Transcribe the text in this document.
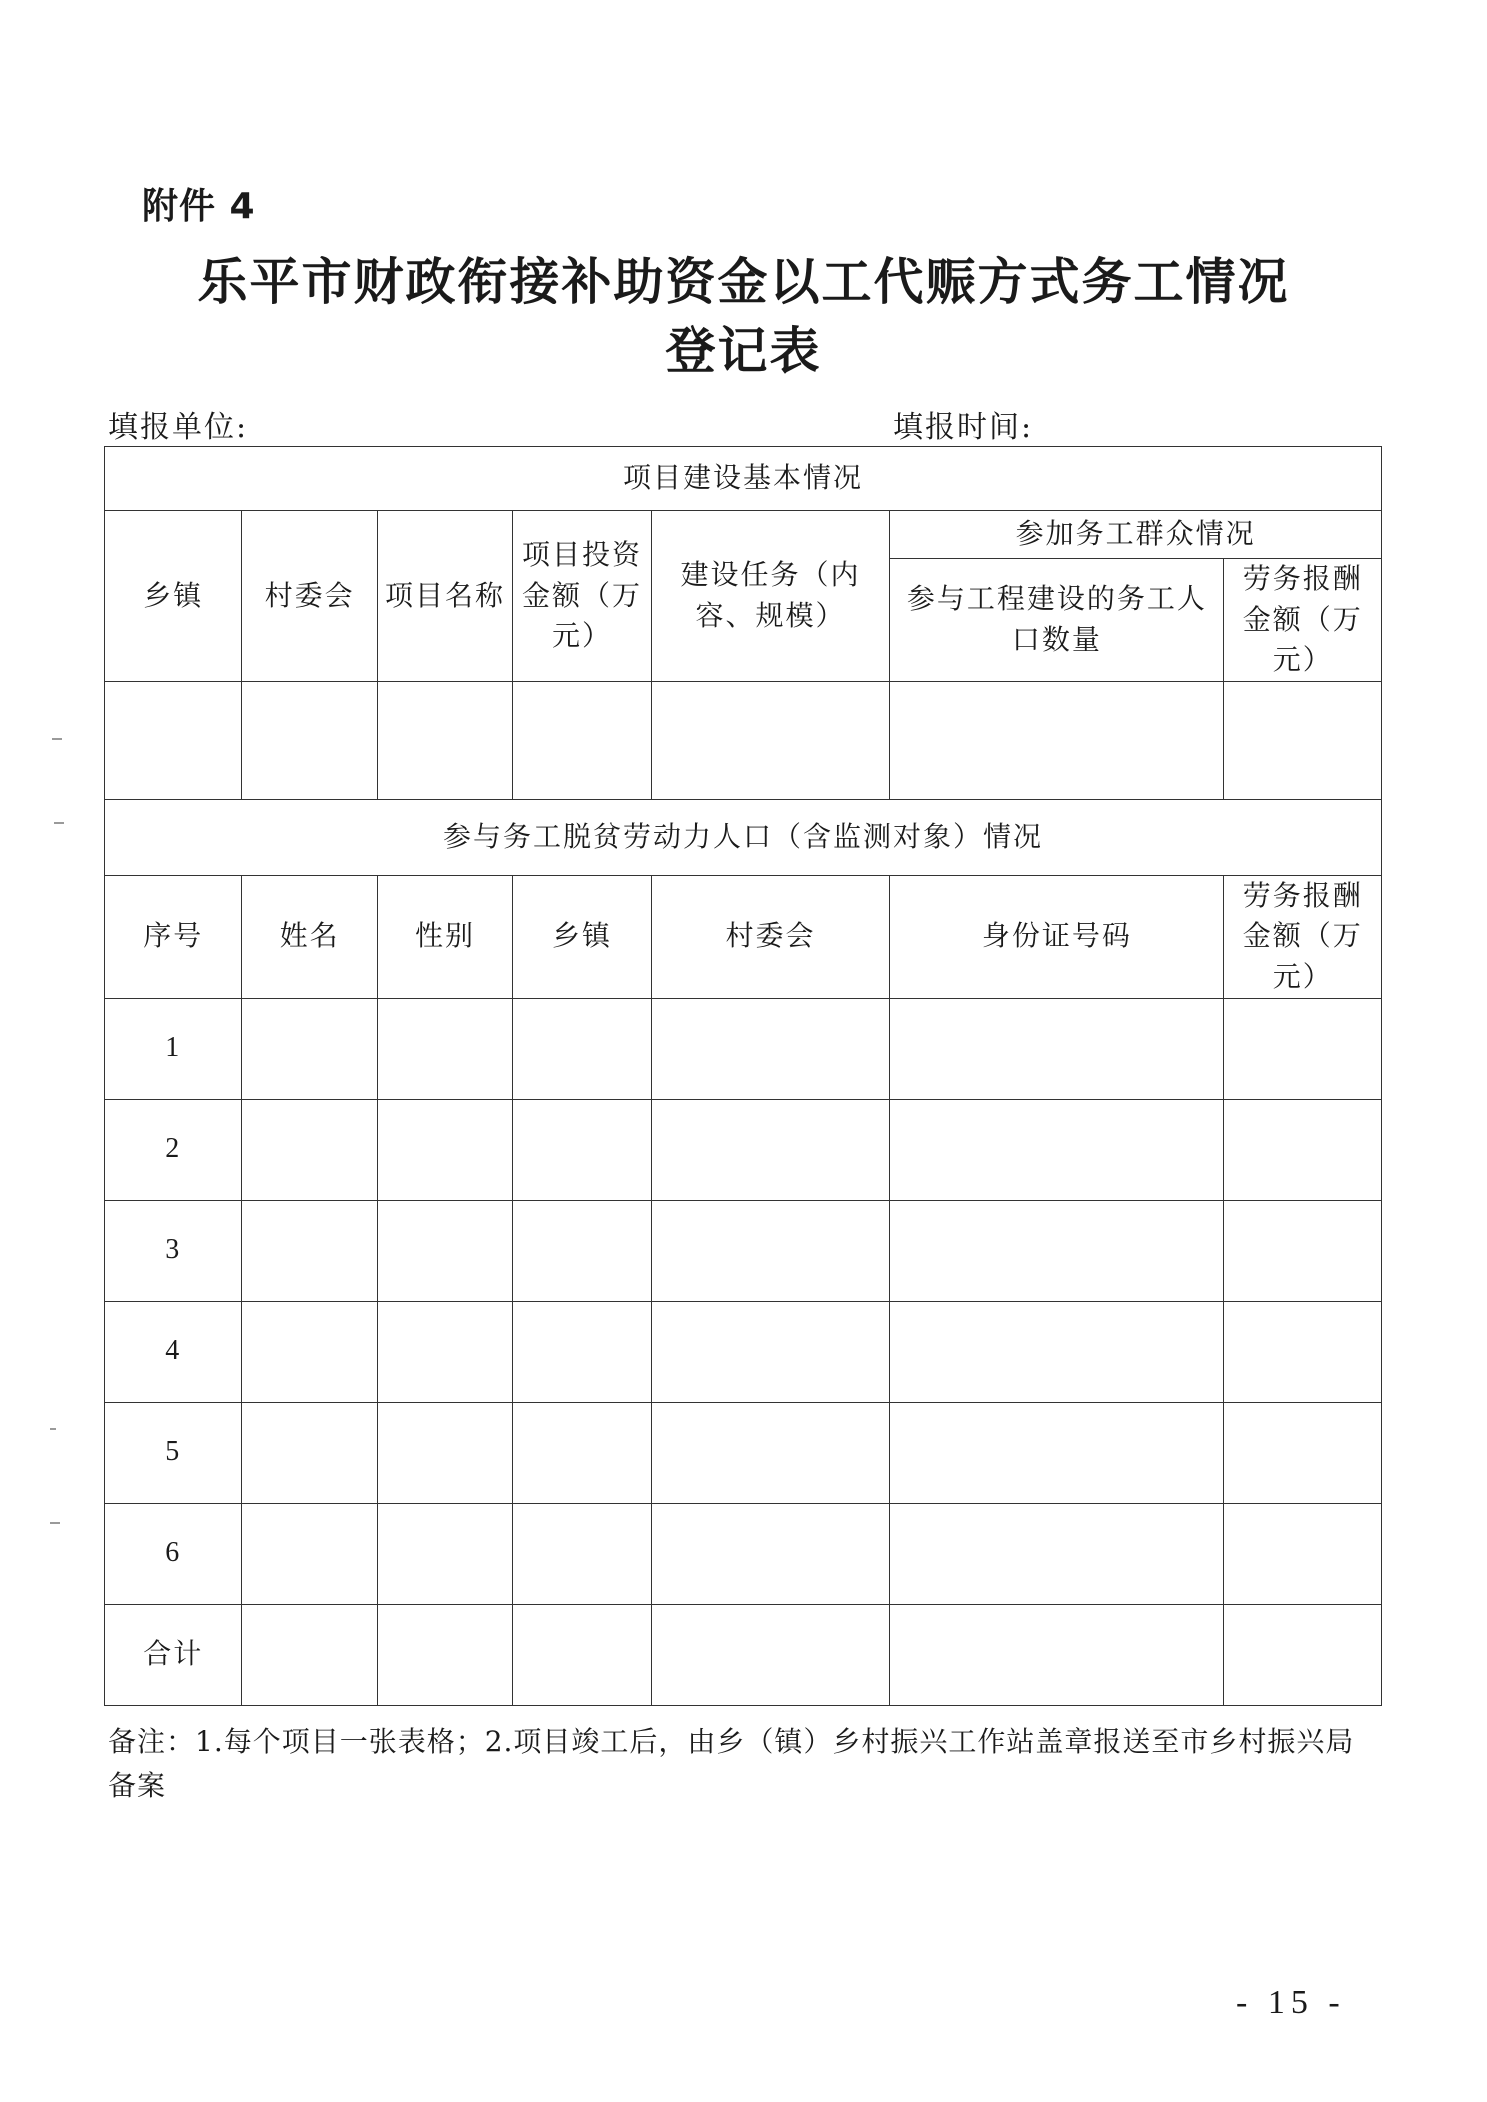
附件 4
乐平市财政衔接补助资金以工代赈方式务工情况
登记表
填报单位:	填报时间:
项目建设基本情况						
乡镇	村委会	项目名称	项目投资金额（万元）	建设任务（内容、规模）	参加务工群众情况	
					参与工程建设的务工人口数量	劳务报酬金额（万元）

参与务工脱贫劳动力人口（含监测对象）情况						
序号	姓名	性别	乡镇	村委会	身份证号码	劳务报酬金额（万元）
1						
2						
3						
4						
5						
6						
合计						
备注：1.每个项目一张表格；2.项目竣工后，由乡（镇）乡村振兴工作站盖章报送至市乡村振兴局备案
- 15 -
